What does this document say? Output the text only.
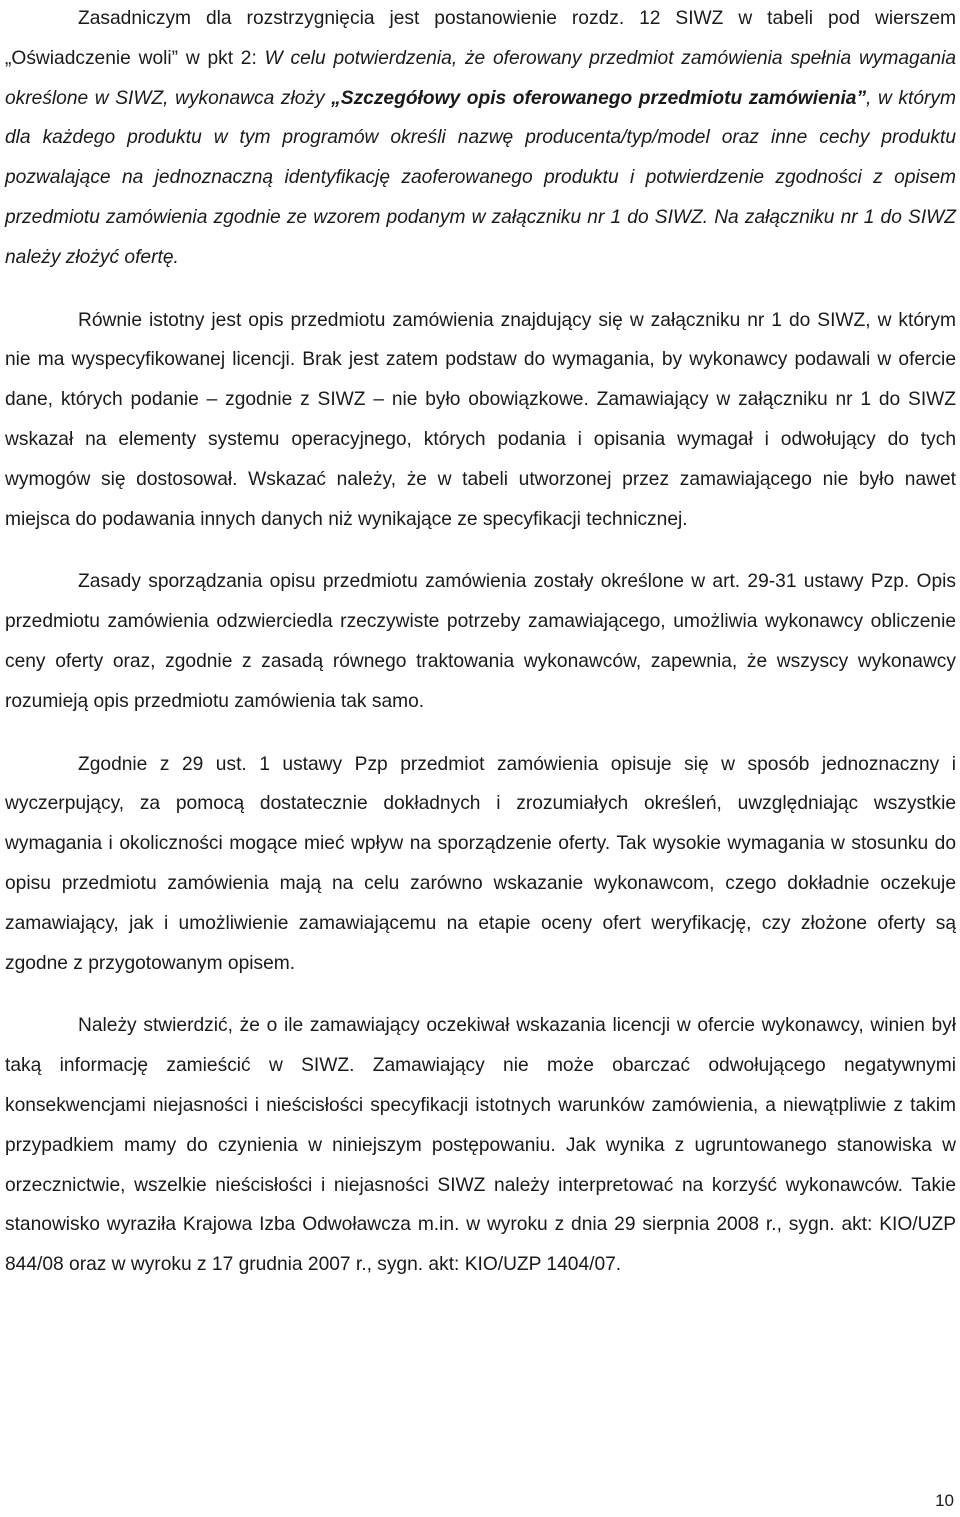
Zasadniczym dla rozstrzygnięcia jest postanowienie rozdz. 12 SIWZ w tabeli pod wierszem „Oświadczenie woli” w pkt 2: W celu potwierdzenia, że oferowany przedmiot zamówienia spełnia wymagania określone w SIWZ, wykonawca złoży „Szczegółowy opis oferowanego przedmiotu zamówienia”, w którym dla każdego produktu w tym programów określi nazwę producenta/typ/model oraz inne cechy produktu pozwalające na jednoznaczną identyfikację zaoferowanego produktu i potwierdzenie zgodności z opisem przedmiotu zamówienia zgodnie ze wzorem podanym w załączniku nr 1 do SIWZ. Na załączniku nr 1 do SIWZ należy złożyć ofertę.

Równie istotny jest opis przedmiotu zamówienia znajdujący się w załączniku nr 1 do SIWZ, w którym nie ma wyspecyfikowanej licencji. Brak jest zatem podstaw do wymagania, by wykonawcy podawali w ofercie dane, których podanie – zgodnie z SIWZ – nie było obowiązkowe. Zamawiający w załączniku nr 1 do SIWZ wskazał na elementy systemu operacyjnego, których podania i opisania wymagał i odwołujący do tych wymogów się dostosował. Wskazać należy, że w tabeli utworzonej przez zamawiającego nie było nawet miejsca do podawania innych danych niż wynikające ze specyfikacji technicznej.

Zasady sporządzania opisu przedmiotu zamówienia zostały określone w art. 29-31 ustawy Pzp. Opis przedmiotu zamówienia odzwierciedla rzeczywiste potrzeby zamawiającego, umożliwia wykonawcy obliczenie ceny oferty oraz, zgodnie z zasadą równego traktowania wykonawców, zapewnia, że wszyscy wykonawcy rozumieją opis przedmiotu zamówienia tak samo.

Zgodnie z 29 ust. 1 ustawy Pzp przedmiot zamówienia opisuje się w sposób jednoznaczny i wyczerpujący, za pomocą dostatecznie dokładnych i zrozumiałych określeń, uwzględniając wszystkie wymagania i okoliczności mogące mieć wpływ na sporządzenie oferty. Tak wysokie wymagania w stosunku do opisu przedmiotu zamówienia mają na celu zarówno wskazanie wykonawcom, czego dokładnie oczekuje zamawiający, jak i umożliwienie zamawiającemu na etapie oceny ofert weryfikację, czy złożone oferty są zgodne z przygotowanym opisem.

Należy stwierdzić, że o ile zamawiający oczekiwał wskazania licencji w ofercie wykonawcy, winien był taką informację zamieścić w SIWZ. Zamawiający nie może obarczać odwołującego negatywnymi konsekwencjami niejasności i nieścisłości specyfikacji istotnych warunków zamówienia, a niewątpliwie z takim przypadkiem mamy do czynienia w niniejszym postępowaniu. Jak wynika z ugruntowanego stanowiska w orzecznictwie, wszelkie nieścisłości i niejasności SIWZ należy interpretować na korzyść wykonawców. Takie stanowisko wyraziła Krajowa Izba Odwoławcza m.in. w wyroku z dnia 29 sierpnia 2008 r., sygn. akt: KIO/UZP 844/08 oraz w wyroku z 17 grudnia 2007 r., sygn. akt: KIO/UZP 1404/07.

10
